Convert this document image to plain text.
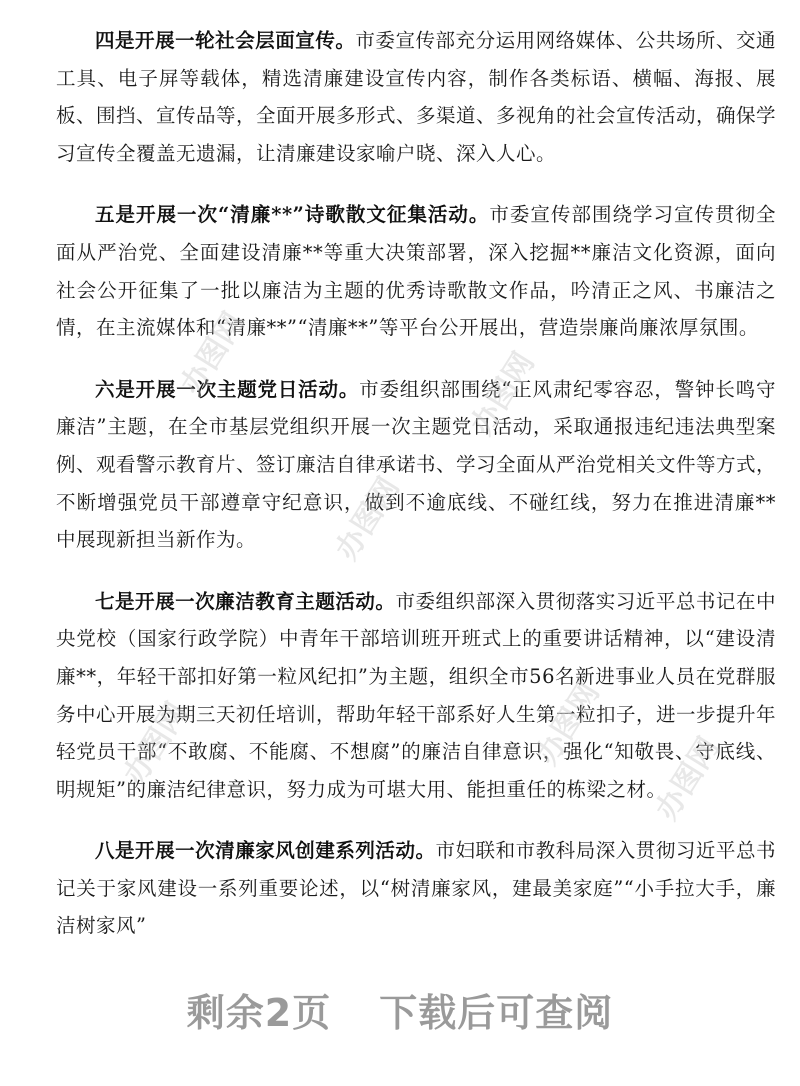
四是开展一轮社会层面宣传。市委宣传部充分运用网络媒体、公共场所、交通工具、电子屏等载体，精选清廉建设宣传内容，制作各类标语、横幅、海报、展板、围挡、宣传品等，全面开展多形式、多渠道、多视角的社会宣传活动，确保学习宣传全覆盖无遗漏，让清廉建设家喻户晓、深入人心。

五是开展一次“清廉**”诗歌散文征集活动。市委宣传部围绕学习宣传贯彻全面从严治党、全面建设清廉**等重大决策部署，深入挖掘**廉洁文化资源，面向社会公开征集了一批以廉洁为主题的优秀诗歌散文作品，吟清正之风、书廉洁之情，在主流媒体和“清廉**”“清廉**”等平台公开展出，营造崇廉尚廉浓厚氛围。

六是开展一次主题党日活动。市委组织部围绕“正风肃纪零容忍，警钟长鸣守廉洁”主题，在全市基层党组织开展一次主题党日活动，采取通报违纪违法典型案例、观看警示教育片、签订廉洁自律承诺书、学习全面从严治党相关文件等方式，不断增强党员干部遵章守纪意识，做到不逾底线、不碰红线，努力在推进清廉**中展现新担当新作为。

七是开展一次廉洁教育主题活动。市委组织部深入贯彻落实习近平总书记在中央党校（国家行政学院）中青年干部培训班开班式上的重要讲话精神，以“建设清廉**，年轻干部扣好第一粒风纪扣”为主题，组织全市56名新进事业人员在党群服务中心开展为期三天初任培训，帮助年轻干部系好人生第一粒扣子，进一步提升年轻党员干部“不敢腐、不能腐、不想腐”的廉洁自律意识，强化“知敬畏、守底线、明规矩”的廉洁纪律意识，努力成为可堪大用、能担重任的栋梁之材。

八是开展一次清廉家风创建系列活动。市妇联和市教科局深入贯彻习近平总书记关于家风建设一系列重要论述，以“树清廉家风，建最美家庭”“小手拉大手，廉洁树家风”

办图网	办图网
办图网
办图网	办图网
办图网
剩余2页 下载后可查阅
